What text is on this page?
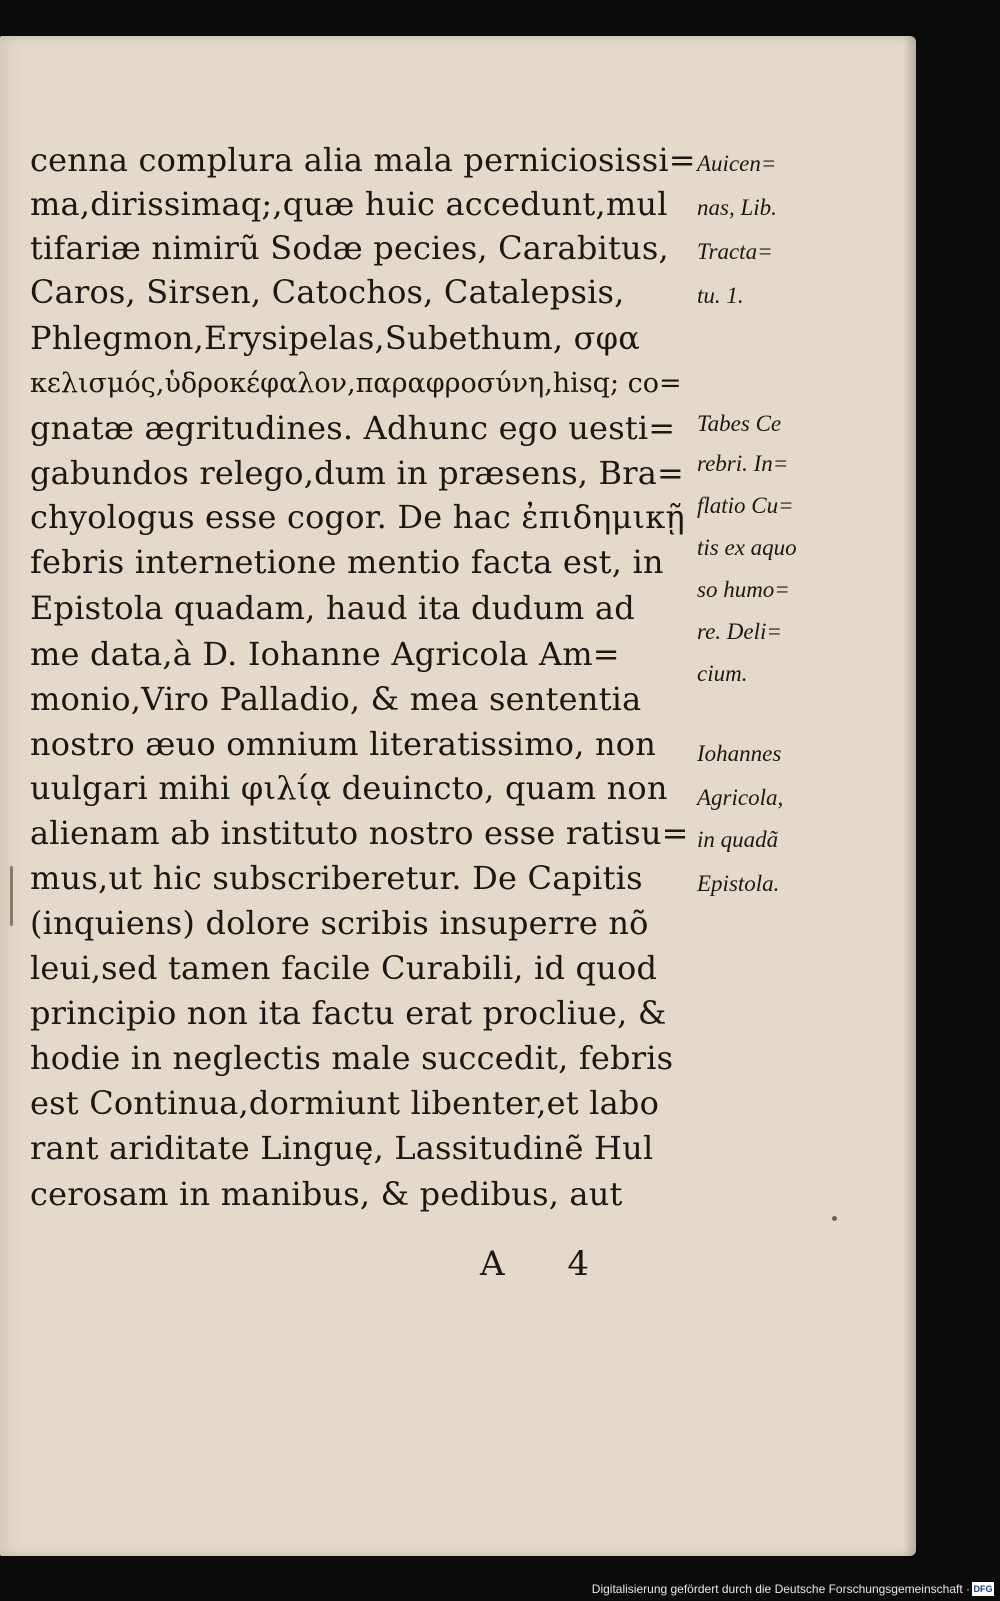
cenna complura alia mala perniciosissi=

ma,dirissimaq;,quæ huic accedunt,mul

tifariæ nimirũ Sodæ pecies, Carabitus,

Caros, Sirsen, Catochos, Catalepsis,

Phlegmon,Erysipelas,Subethum, σφα

κελισμός,ὑδροκέφαλον,παραφροσύνη,hisq; co=

gnatæ ægritudines. Adhunc ego uesti=

gabundos relego,dum in præsens, Bra=

chyologus esse cogor. De hac ἐπιδημικῇ

febris internetione mentio facta est, in

Epistola quadam, haud ita dudum ad

me data,à D. Iohanne Agricola Am=

monio,Viro Palladio, & mea sententia

nostro æuo omnium literatissimo, non

uulgari mihi φιλίᾳ deuincto, quam non

alienam ab instituto nostro esse ratisu=

mus,ut hic subscriberetur. De Capitis

(inquiens) dolore scribis insuperre nõ

leui,sed tamen facile Curabili, id quod

principio non ita factu erat procliue, &

hodie in neglectis male succedit, febris

est Continua,dormiunt libenter,et labo

rant ariditate Linguę, Lassitudinẽ Hul

cerosam in manibus, & pedibus, aut

Auicen=

nas, Lib.

Tracta=

tu. 1.

Tabes Ce

rebri. In=

flatio Cu=

tis ex aquo

so humo=

re. Deli=

cium.

Iohannes

Agricola,

in quadã

Epistola.

A 4

Digitalisierung gefördert durch die Deutsche Forschungsgemeinschaft · DFG
